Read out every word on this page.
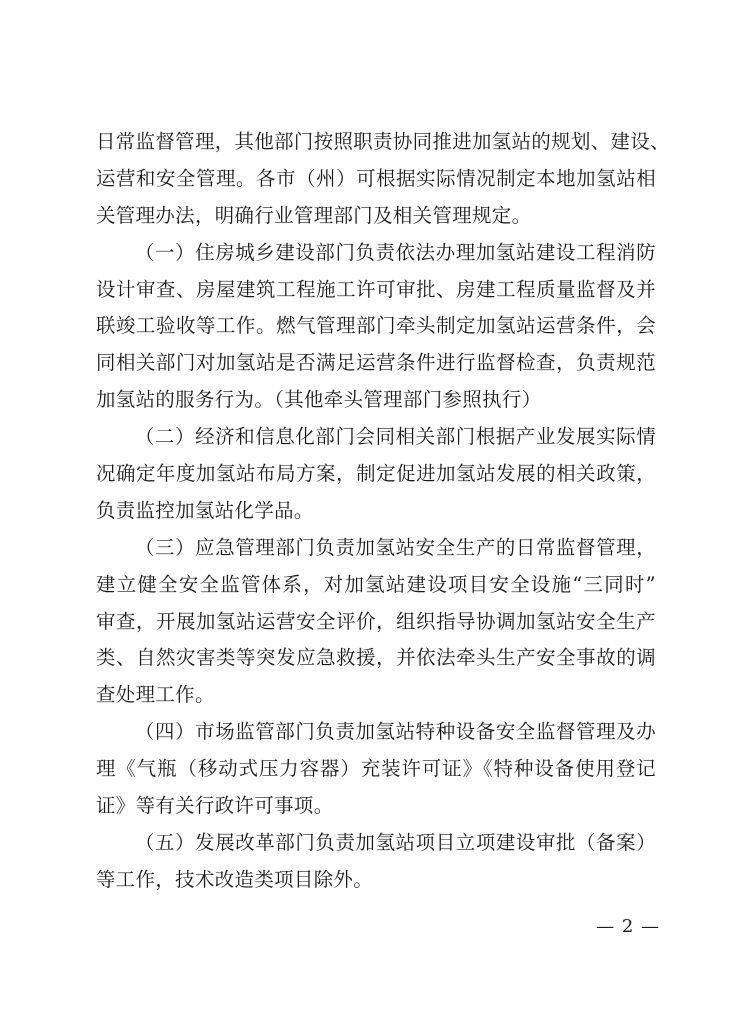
日常监督管理，其他部门按照职责协同推进加氢站的规划、建设、
运营和安全管理。各市（州）可根据实际情况制定本地加氢站相
关管理办法，明确行业管理部门及相关管理规定。
（一）住房城乡建设部门负责依法办理加氢站建设工程消防
设计审查、房屋建筑工程施工许可审批、房建工程质量监督及并
联竣工验收等工作。燃气管理部门牵头制定加氢站运营条件，会
同相关部门对加氢站是否满足运营条件进行监督检查，负责规范
加氢站的服务行为。（其他牵头管理部门参照执行）
（二）经济和信息化部门会同相关部门根据产业发展实际情
况确定年度加氢站布局方案，制定促进加氢站发展的相关政策，
负责监控加氢站化学品。
（三）应急管理部门负责加氢站安全生产的日常监督管理，
建立健全安全监管体系，对加氢站建设项目安全设施“三同时”
审查，开展加氢站运营安全评价，组织指导协调加氢站安全生产
类、自然灾害类等突发应急救援，并依法牵头生产安全事故的调
查处理工作。
（四）市场监管部门负责加氢站特种设备安全监督管理及办
理《气瓶（移动式压力容器）充装许可证》《特种设备使用登记
证》等有关行政许可事项。
（五）发展改革部门负责加氢站项目立项建设审批（备案）
等工作，技术改造类项目除外。
— 2 —
